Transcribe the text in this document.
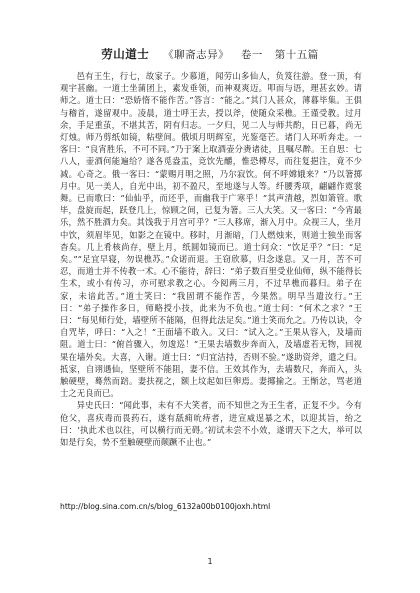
劳山道士 《聊斋志异》 卷一 第十五篇

邑有王生，行七，故家子。少慕道，闻劳山多仙人，负笈往游。登一顶，有观宇甚幽。一道士坐蒲团上，素发垂领，而神观爽迈。叩而与语，理甚玄妙。请师之。道士曰：“恐娇惰不能作苦。”答言：“能之。”其门人甚众，薄暮毕集。王俱与稽首，遂留观中。凌晨，道士呼王去，授以斧，使随众采樵。王谨受教。过月余，手足重茧，不堪其苦，阴有归志。一夕归，见二人与师共酌，日已暮，尚无灯烛。师乃剪纸如镜，粘壁间。俄顷月明辉室，光鉴毫芒。诸门人环听奔走。一客曰：“良宵胜乐，不可不同。”乃于案上取酒壶分赉诸徒，且嘱尽醉。王自思：七八人，壶酒何能遍给？遂各觅盎盂，竞饮先釂，惟恐樽尽，而往复挹注，竟不少减。心奇之。俄一客曰：“蒙赐月明之照，乃尔寂饮。何不呼嫦娥来？”乃以箸掷月中。见一美人，自光中出，初不盈尺，至地遂与人等。纤腰秀项，翩翩作霓裳舞。已而歌曰：“仙仙乎，而还乎，而幽我于广寒乎！”其声清越，烈如箫管。歌毕，盘旋而起，跃登几上，惊顾之间，已复为箸。三人大笑。又一客曰：“今宵最乐，然不胜酒力矣。其饯我于月宫可乎？”三人移席，渐入月中。众视三人，坐月中饮，须眉毕见，如影之在镜中。移时，月渐暗，门人燃烛来，则道士独坐而客杳矣。几上肴核尚存，壁上月，纸圆如镜而已。道士问众：“饮足乎？”曰：“足矣。”“足宜早寝，勿误樵苏。”众诺而退。王窃欣慕，归念遂息。又一月，苦不可忍，而道士并不传教一术。心不能待，辞曰：“弟子数百里受业仙师，纵不能得长生术，或小有传习，亦可慰求教之心。今阅两三月，不过早樵而暮归。弟子在家，未谙此苦。”道士笑曰：“我固谓不能作苦，今果然。明早当遣汝行。”王曰：“弟子操作多日，师略授小技，此来为不负也。”道士问：“何术之求？”王曰：“每见师行处，墙壁所不能隔，但得此法足矣。”道士笑而允之。乃传以诀，令自咒毕，呼曰：“入之！”王面墙不敢入。又曰：“试入之。”王果从容入，及墙而阻。道士曰：“俯首骤入，勿逡巡！”王果去墙数步奔而入，及墙虚若无物，回视果在墙外矣。大喜，入谢。道士曰：“归宜洁持，否则不验。”遂助资斧，遣之归。抵家，自诩遇仙，坚壁所不能阻，妻不信。王效其作为，去墙数尺，奔而入，头触硬壁，蓦然而踣。妻扶视之，额上坟起如巨卵焉。妻揶揄之。王惭忿，骂老道士之无良而已。

异史氏曰：“闻此事，未有不大笑者，而不知世之为王生者，正复不少。今有伧父，喜疢毒而畏药石，遂有舐痈吮痔者，进宣威逞暴之术，以迎其旨，绐之曰：‘执此术也以往，可以横行而无碍。’初试未尝不小效，遂谓天下之大，举可以如是行矣，势不至触硬壁而颠蹶不止也。”

http://blog.sina.com.cn/s/blog_6132a00b0100joxh.html
1
